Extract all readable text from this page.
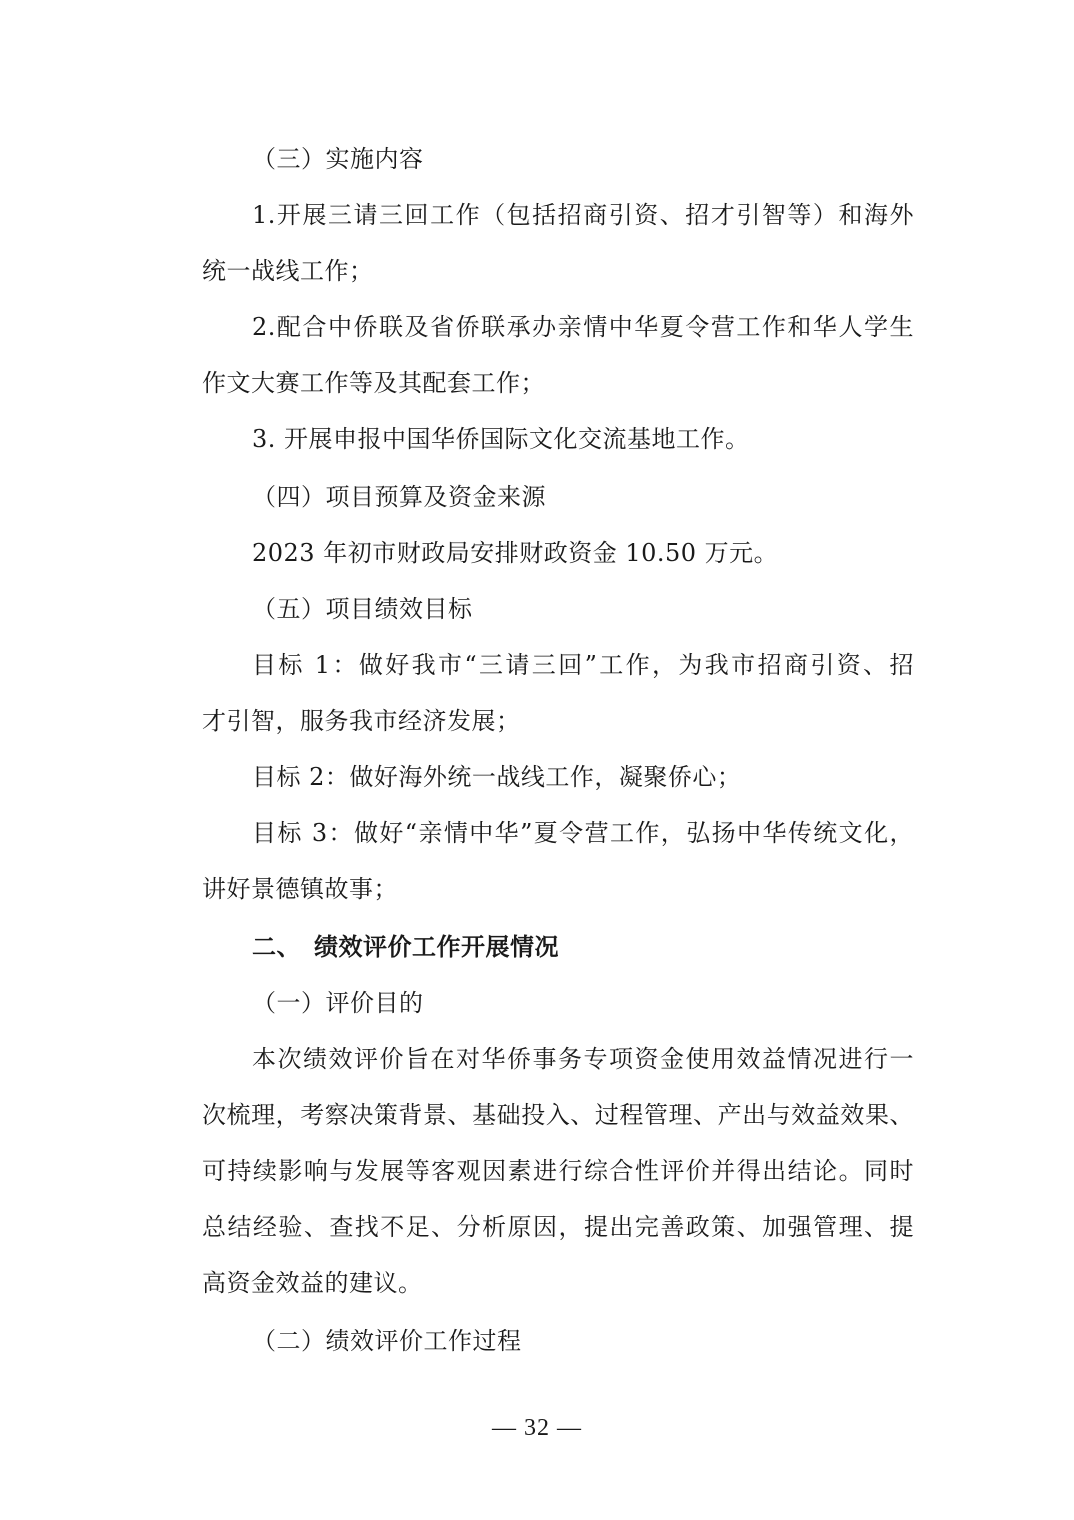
（三）实施内容
1.开展三请三回工作（包括招商引资、招才引智等）和海外
统一战线工作；
2.配合中侨联及省侨联承办亲情中华夏令营工作和华人学生
作文大赛工作等及其配套工作；
3. 开展申报中国华侨国际文化交流基地工作。
（四）项目预算及资金来源
2023 年初市财政局安排财政资金 10.50 万元。
（五）项目绩效目标
目标 1：做好我市“三请三回”工作，为我市招商引资、招
才引智，服务我市经济发展；
目标 2：做好海外统一战线工作，凝聚侨心；
目标 3：做好“亲情中华”夏令营工作，弘扬中华传统文化，
讲好景德镇故事；
二、 绩效评价工作开展情况
（一）评价目的
本次绩效评价旨在对华侨事务专项资金使用效益情况进行一
次梳理，考察决策背景、基础投入、过程管理、产出与效益效果、
可持续影响与发展等客观因素进行综合性评价并得出结论。同时
总结经验、查找不足、分析原因，提出完善政策、加强管理、提
高资金效益的建议。
（二）绩效评价工作过程
— 32 —
